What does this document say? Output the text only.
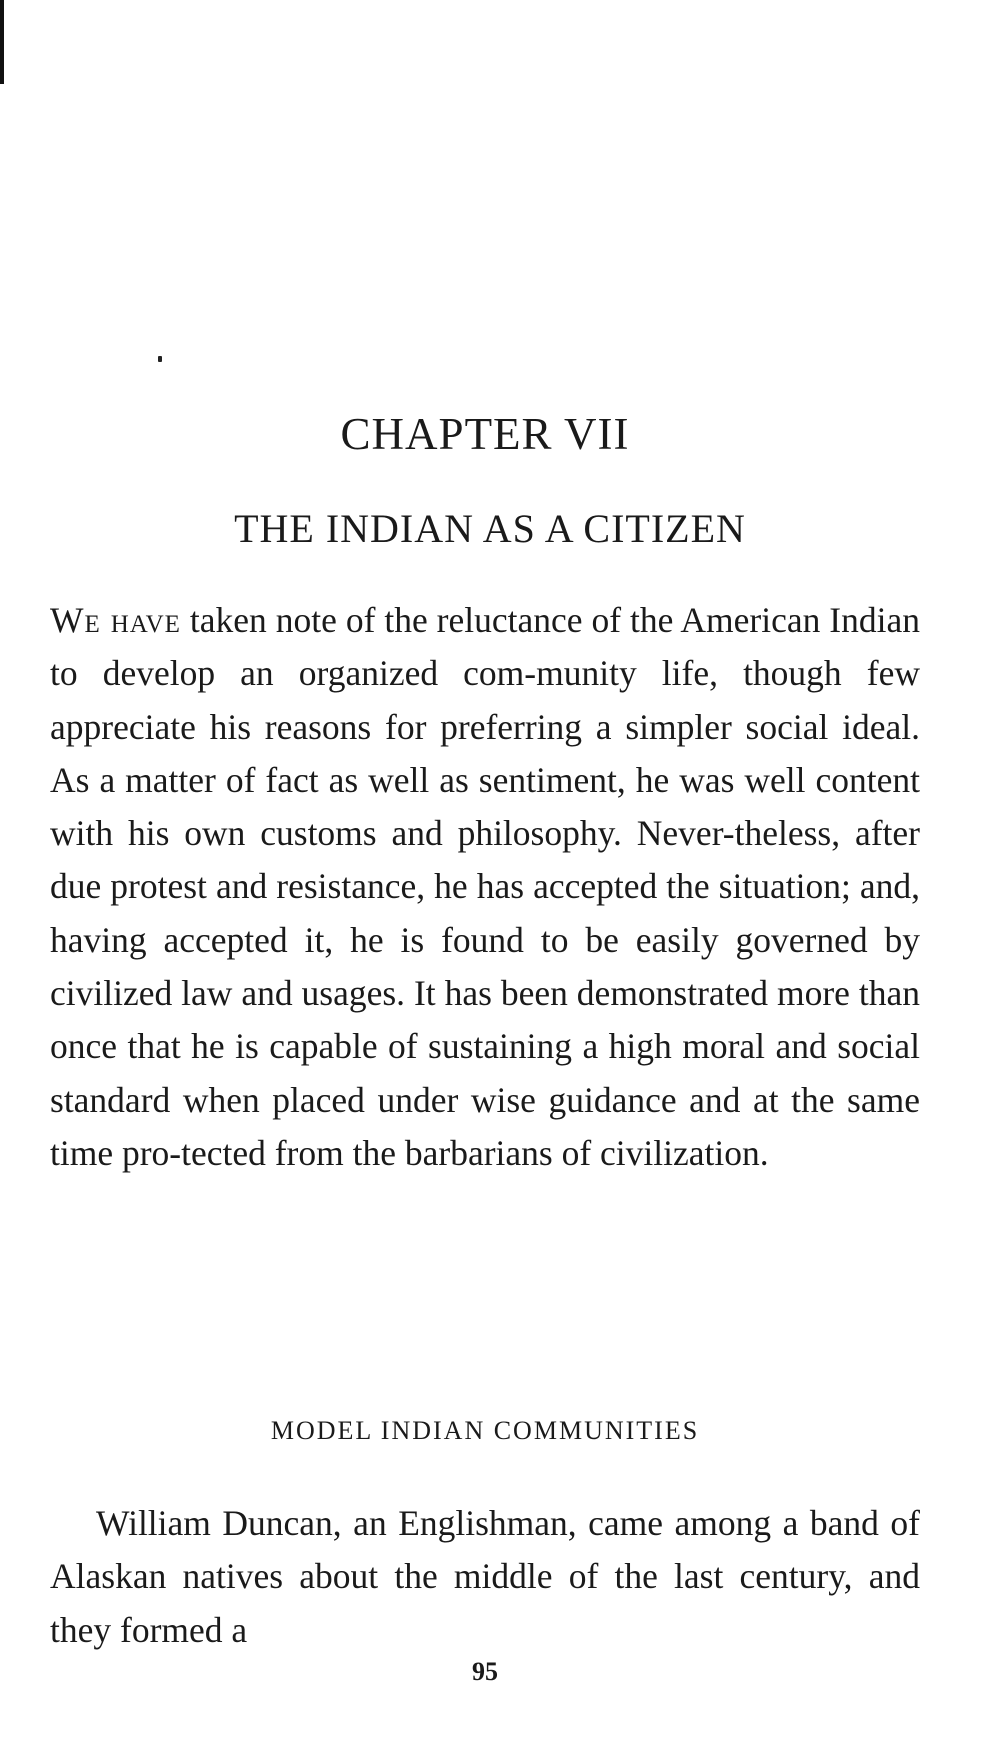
CHAPTER VII
THE INDIAN AS A CITIZEN

We have taken note of the reluctance of the American Indian to develop an organized com-munity life, though few appreciate his reasons for preferring a simpler social ideal. As a matter of fact as well as sentiment, he was well content with his own customs and philosophy. Never-theless, after due protest and resistance, he has accepted the situation; and, having accepted it, he is found to be easily governed by civilized law and usages. It has been demonstrated more than once that he is capable of sustaining a high moral and social standard when placed under wise guidance and at the same time pro-tected from the barbarians of civilization.

MODEL INDIAN COMMUNITIES

William Duncan, an Englishman, came among a band of Alaskan natives about the middle of the last century, and they formed a

95
